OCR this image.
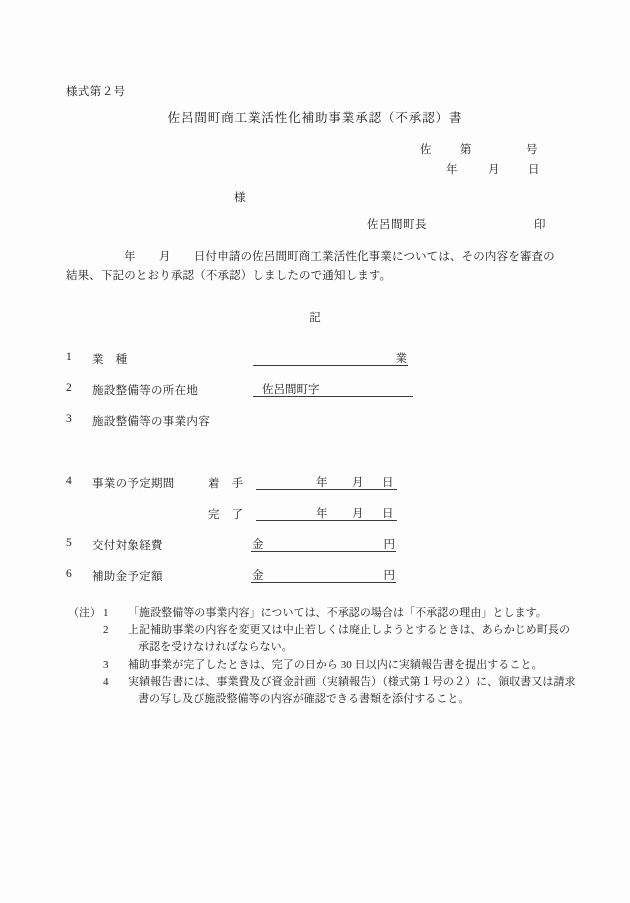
様式第２号
佐呂間町商工業活性化補助事業承認（不承認）書
佐	第	号
年	月	日
様
佐呂間町長	印
年　　月　　日付申請の佐呂間町商工業活性化事業については、その内容を審査の結果、下記のとおり承認（不承認）しましたので通知します。
記
1 業　種	業
2 施設整備等の所在地	佐呂間町字
3 施設整備等の事業内容
4 事業の予定期間	着　手	年 月 日
完　了	年 月 日
5 交付対象経費	金	円
6 補助金予定額	金	円
（注） 1 「施設整備等の事業内容」については、不承認の場合は「不承認の理由」とします。
2 上記補助事業の内容を変更又は中止若しくは廃止しようとするときは、あらかじめ町長の承認を受けなければならない。
3 補助事業が完了したときは、完了の日から 30 日以内に実績報告書を提出すること。
4 実績報告書には、事業費及び資金計画（実績報告）（様式第１号の２）に、領収書又は請求書の写し及び施設整備等の内容が確認できる書類を添付すること。
